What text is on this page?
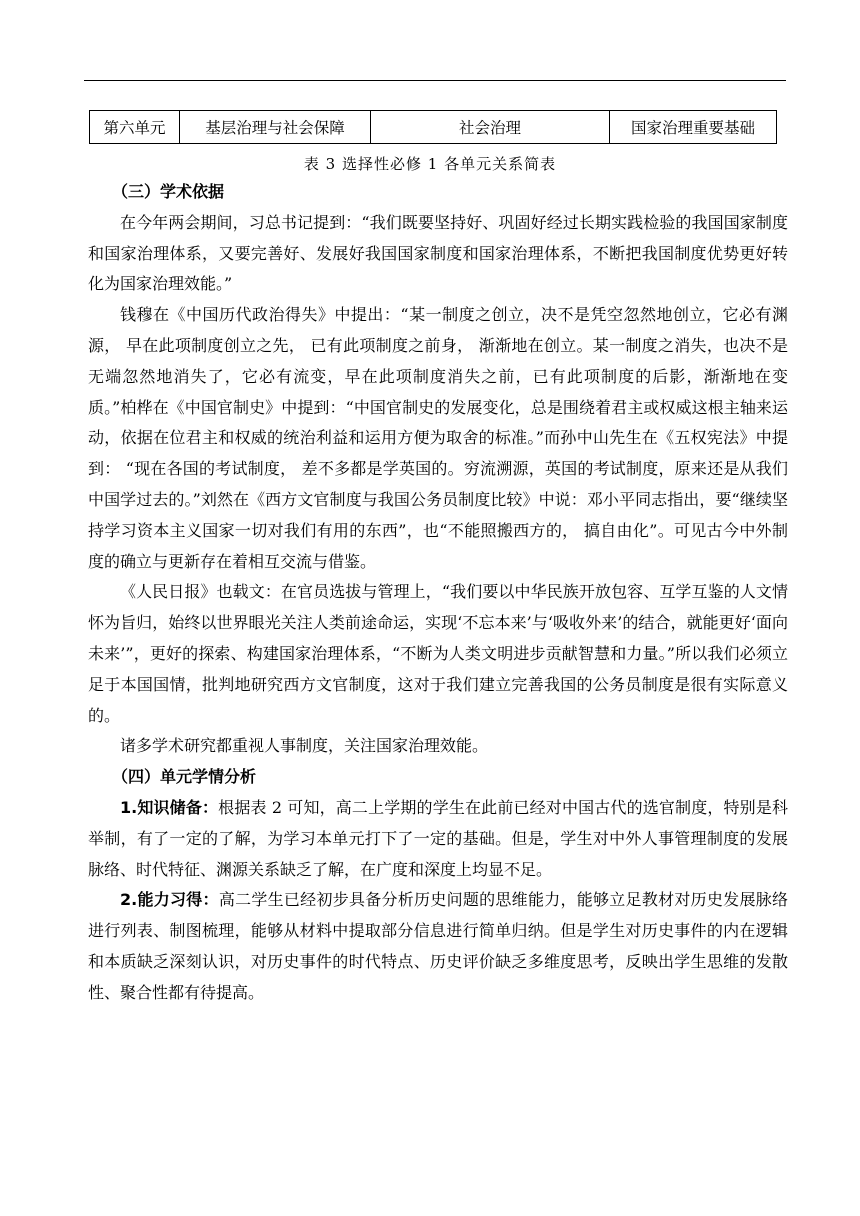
第六单元	基层治理与社会保障	社会治理	国家治理重要基础
表 3 选择性必修 1 各单元关系简表
（三）学术依据

在今年两会期间，习总书记提到：“我们既要坚持好、巩固好经过长期实践检验的我国国家制度和国家治理体系，又要完善好、发展好我国国家制度和国家治理体系，不断把我国制度优势更好转化为国家治理效能。”

钱穆在《中国历代政治得失》中提出：“某一制度之创立，决不是凭空忽然地创立，它必有渊源， 早在此项制度创立之先， 已有此项制度之前身， 渐渐地在创立。某一制度之消失，也决不是无端忽然地消失了，它必有流变，早在此项制度消失之前，已有此项制度的后影，渐渐地在变质。”柏桦在《中国官制史》中提到：“中国官制史的发展变化，总是围绕着君主或权威这根主轴来运动，依据在位君主和权威的统治利益和运用方便为取舍的标准。”而孙中山先生在《五权宪法》中提到： “现在各国的考试制度， 差不多都是学英国的。穷流溯源，英国的考试制度，原来还是从我们中国学过去的。”刘然在《西方文官制度与我国公务员制度比较》中说：邓小平同志指出，要“继续坚持学习资本主义国家一切对我们有用的东西”，也“不能照搬西方的， 搞自由化”。可见古今中外制度的确立与更新存在着相互交流与借鉴。

《人民日报》也载文：在官员选拔与管理上，“我们要以中华民族开放包容、互学互鉴的人文情怀为旨归，始终以世界眼光关注人类前途命运，实现‘不忘本来’与‘吸收外来’的结合，就能更好‘面向未来’”，更好的探索、构建国家治理体系，“不断为人类文明进步贡献智慧和力量。”所以我们必须立足于本国国情，批判地研究西方文官制度，这对于我们建立完善我国的公务员制度是很有实际意义的。

诸多学术研究都重视人事制度，关注国家治理效能。

（四）单元学情分析

1.知识储备：根据表 2 可知，高二上学期的学生在此前已经对中国古代的选官制度，特别是科举制，有了一定的了解，为学习本单元打下了一定的基础。但是，学生对中外人事管理制度的发展脉络、时代特征、渊源关系缺乏了解，在广度和深度上均显不足。

2.能力习得：高二学生已经初步具备分析历史问题的思维能力，能够立足教材对历史发展脉络进行列表、制图梳理，能够从材料中提取部分信息进行简单归纳。但是学生对历史事件的内在逻辑和本质缺乏深刻认识，对历史事件的时代特点、历史评价缺乏多维度思考，反映出学生思维的发散性、聚合性都有待提高。
